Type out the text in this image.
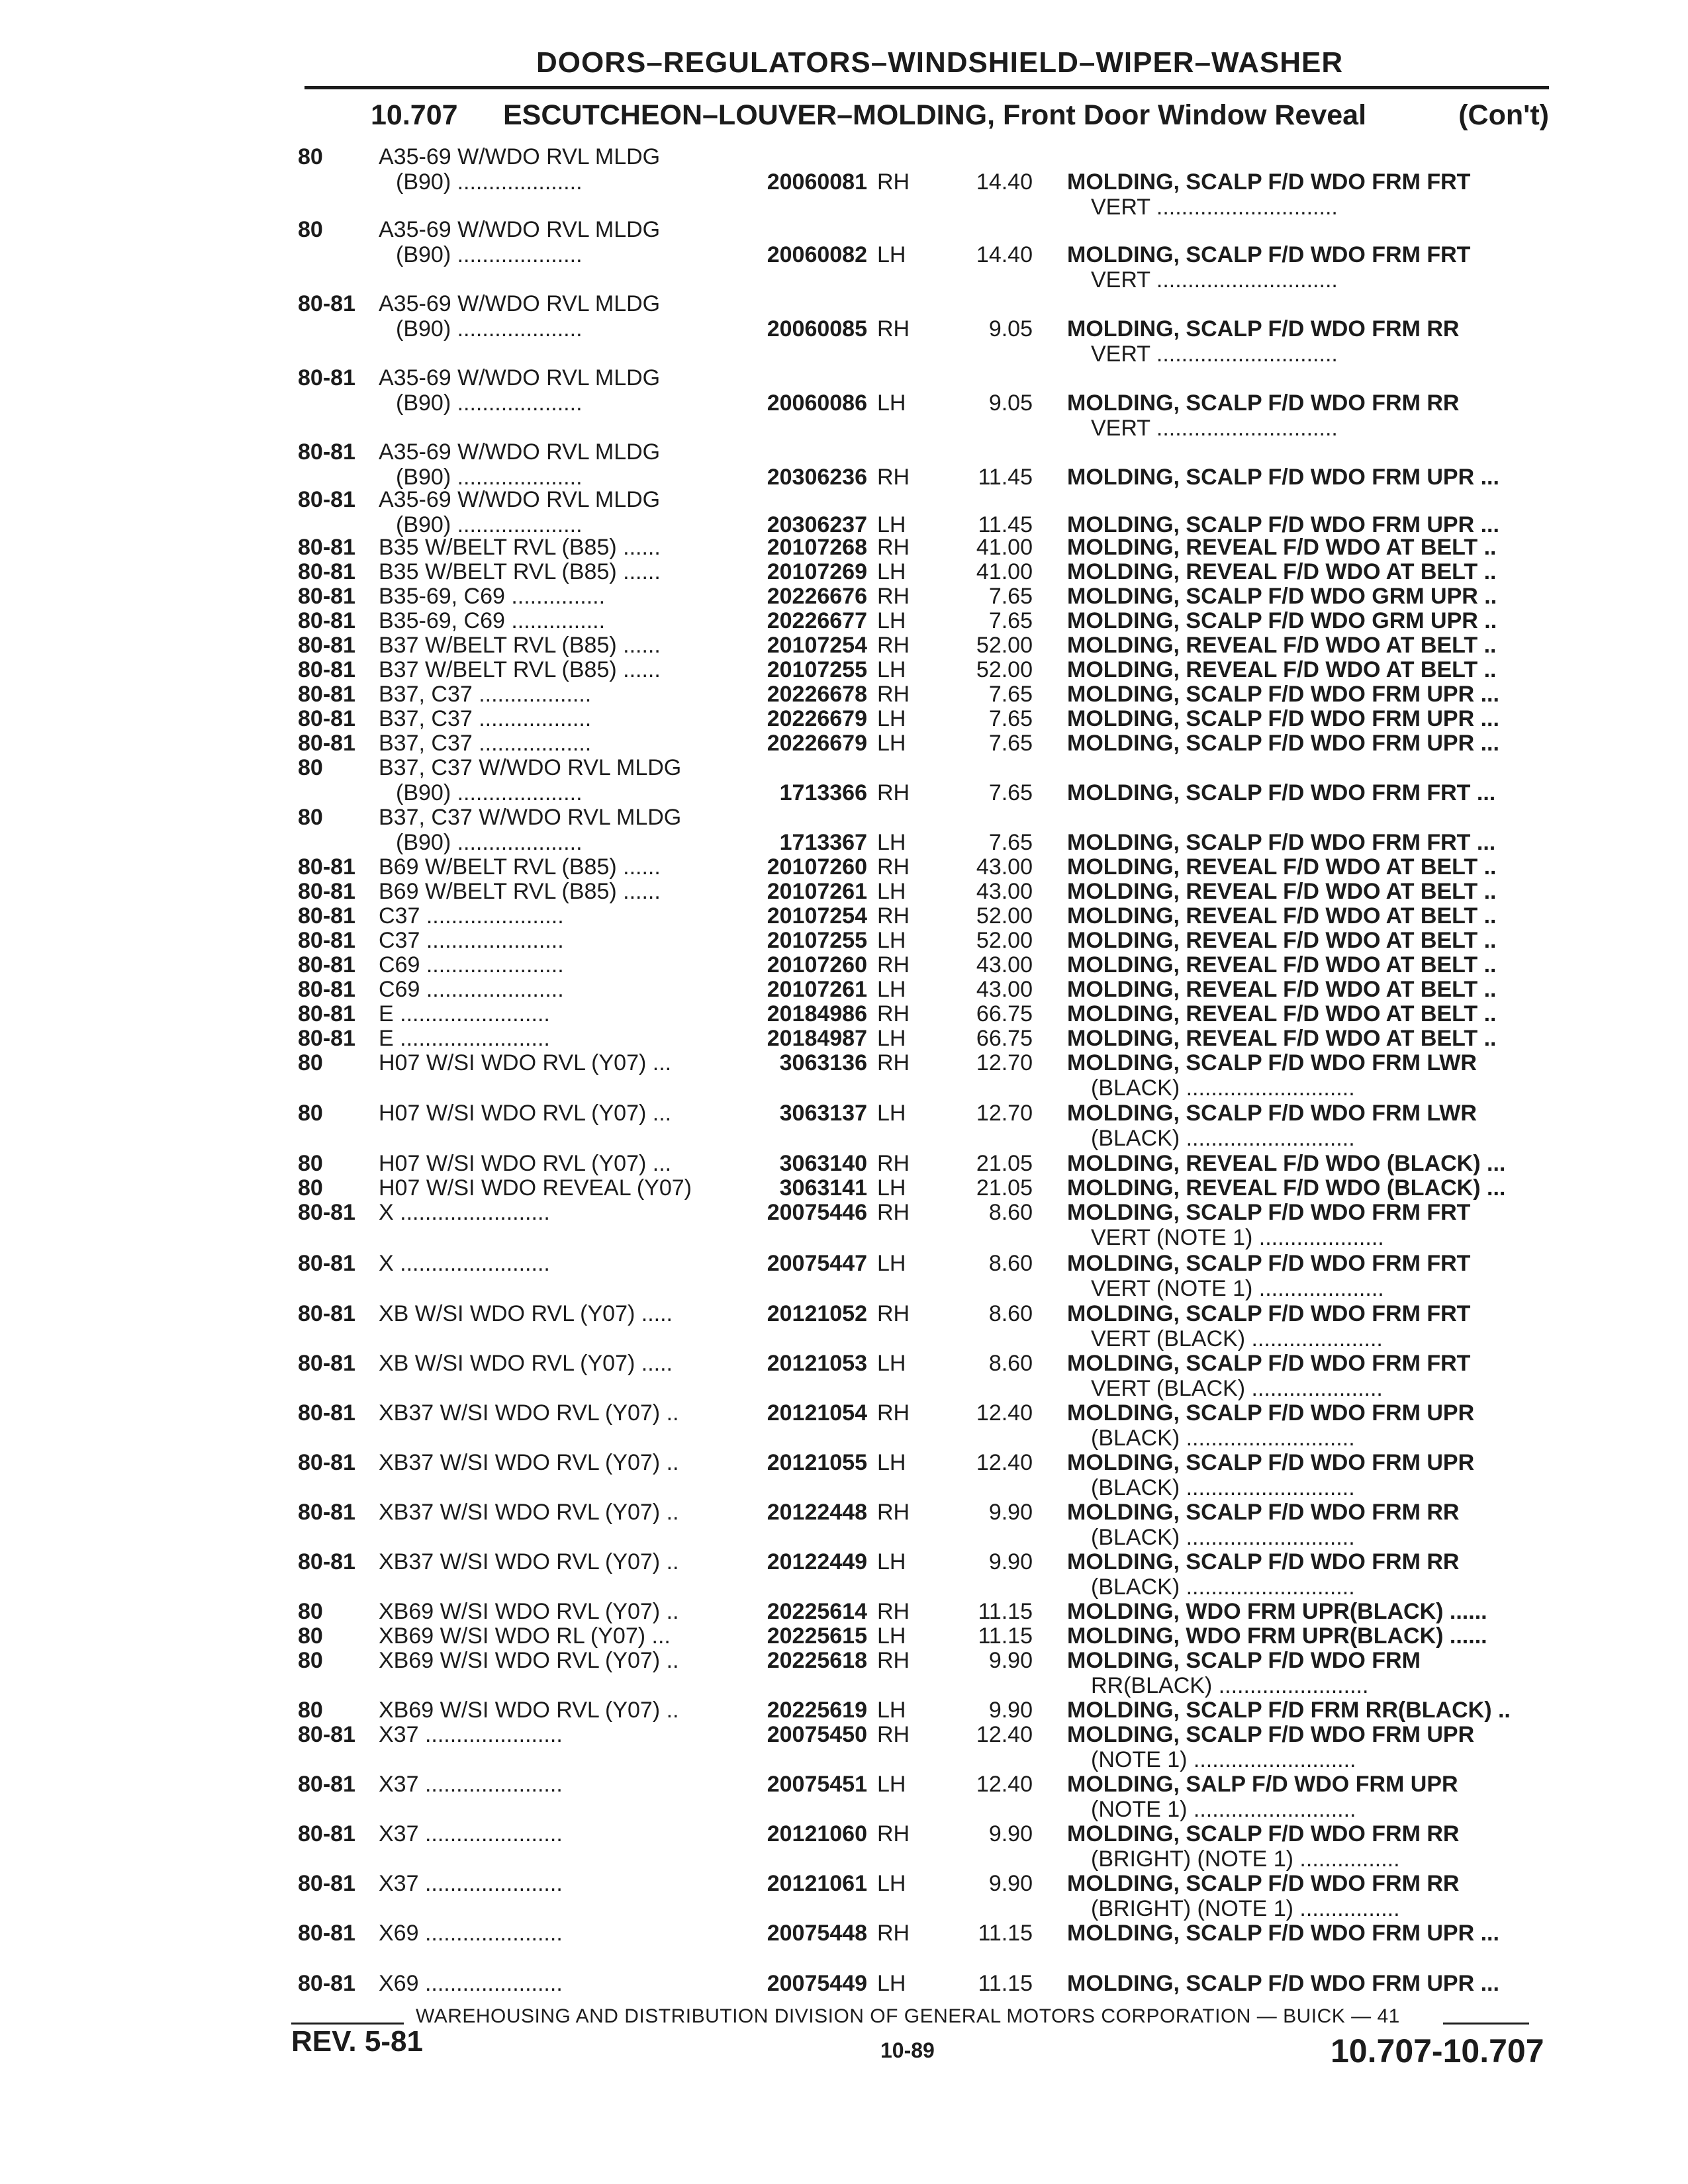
DOORS–REGULATORS–WINDSHIELD–WIPER–WASHER
10.707 ESCUTCHEON–LOUVER–MOLDING, Front Door Window Reveal	(Con't)
80 A35-69 W/WDO RVL MLDG
(B90) ....................	20060081 RH	14.40 MOLDING, SCALP F/D WDO FRM FRT
VERT .............................
80 A35-69 W/WDO RVL MLDG
(B90) ....................	20060082 LH	14.40 MOLDING, SCALP F/D WDO FRM FRT
VERT .............................
80-81 A35-69 W/WDO RVL MLDG
(B90) ....................	20060085 RH	9.05 MOLDING, SCALP F/D WDO FRM RR
VERT .............................
80-81 A35-69 W/WDO RVL MLDG
(B90) ....................	20060086 LH	9.05 MOLDING, SCALP F/D WDO FRM RR
VERT .............................
80-81 A35-69 W/WDO RVL MLDG
(B90) ....................	20306236 RH	11.45 MOLDING, SCALP F/D WDO FRM UPR ...
80-81 A35-69 W/WDO RVL MLDG
(B90) ....................	20306237 LH	11.45 MOLDING, SCALP F/D WDO FRM UPR ...
80-81 B35 W/BELT RVL (B85) ......	20107268 RH	41.00 MOLDING, REVEAL F/D WDO AT BELT ..
80-81 B35 W/BELT RVL (B85) ......	20107269 LH	41.00 MOLDING, REVEAL F/D WDO AT BELT ..
80-81 B35-69, C69 ...............	20226676 RH	7.65 MOLDING, SCALP F/D WDO GRM UPR ..
80-81 B35-69, C69 ...............	20226677 LH	7.65 MOLDING, SCALP F/D WDO GRM UPR ..
80-81 B37 W/BELT RVL (B85) ......	20107254 RH	52.00 MOLDING, REVEAL F/D WDO AT BELT ..
80-81 B37 W/BELT RVL (B85) ......	20107255 LH	52.00 MOLDING, REVEAL F/D WDO AT BELT ..
80-81 B37, C37 ..................	20226678 RH	7.65 MOLDING, SCALP F/D WDO FRM UPR ...
80-81 B37, C37 ..................	20226679 LH	7.65 MOLDING, SCALP F/D WDO FRM UPR ...
80-81 B37, C37 ..................	20226679 LH	7.65 MOLDING, SCALP F/D WDO FRM UPR ...
80 B37, C37 W/WDO RVL MLDG
(B90) ....................	1713366 RH	7.65 MOLDING, SCALP F/D WDO FRM FRT ...
80 B37, C37 W/WDO RVL MLDG
(B90) ....................	1713367 LH	7.65 MOLDING, SCALP F/D WDO FRM FRT ...
80-81 B69 W/BELT RVL (B85) ......	20107260 RH	43.00 MOLDING, REVEAL F/D WDO AT BELT ..
80-81 B69 W/BELT RVL (B85) ......	20107261 LH	43.00 MOLDING, REVEAL F/D WDO AT BELT ..
80-81 C37 ......................	20107254 RH	52.00 MOLDING, REVEAL F/D WDO AT BELT ..
80-81 C37 ......................	20107255 LH	52.00 MOLDING, REVEAL F/D WDO AT BELT ..
80-81 C69 ......................	20107260 RH	43.00 MOLDING, REVEAL F/D WDO AT BELT ..
80-81 C69 ......................	20107261 LH	43.00 MOLDING, REVEAL F/D WDO AT BELT ..
80-81 E ........................	20184986 RH	66.75 MOLDING, REVEAL F/D WDO AT BELT ..
80-81 E ........................	20184987 LH	66.75 MOLDING, REVEAL F/D WDO AT BELT ..
80 H07 W/SI WDO RVL (Y07) ...	3063136 RH	12.70 MOLDING, SCALP F/D WDO FRM LWR
(BLACK) ...........................
80 H07 W/SI WDO RVL (Y07) ...	3063137 LH	12.70 MOLDING, SCALP F/D WDO FRM LWR
(BLACK) ...........................
80 H07 W/SI WDO RVL (Y07) ...	3063140 RH	21.05 MOLDING, REVEAL F/D WDO (BLACK) ...
80 H07 W/SI WDO REVEAL (Y07)	3063141 LH	21.05 MOLDING, REVEAL F/D WDO (BLACK) ...
80-81 X ........................	20075446 RH	8.60 MOLDING, SCALP F/D WDO FRM FRT
VERT (NOTE 1) ....................
80-81 X ........................	20075447 LH	8.60 MOLDING, SCALP F/D WDO FRM FRT
VERT (NOTE 1) ....................
80-81 XB W/SI WDO RVL (Y07) .....	20121052 RH	8.60 MOLDING, SCALP F/D WDO FRM FRT
VERT (BLACK) .....................
80-81 XB W/SI WDO RVL (Y07) .....	20121053 LH	8.60 MOLDING, SCALP F/D WDO FRM FRT
VERT (BLACK) .....................
80-81 XB37 W/SI WDO RVL (Y07) ..	20121054 RH	12.40 MOLDING, SCALP F/D WDO FRM UPR
(BLACK) ...........................
80-81 XB37 W/SI WDO RVL (Y07) ..	20121055 LH	12.40 MOLDING, SCALP F/D WDO FRM UPR
(BLACK) ...........................
80-81 XB37 W/SI WDO RVL (Y07) ..	20122448 RH	9.90 MOLDING, SCALP F/D WDO FRM RR
(BLACK) ...........................
80-81 XB37 W/SI WDO RVL (Y07) ..	20122449 LH	9.90 MOLDING, SCALP F/D WDO FRM RR
(BLACK) ...........................
80 XB69 W/SI WDO RVL (Y07) ..	20225614 RH	11.15 MOLDING, WDO FRM UPR(BLACK) ......
80 XB69 W/SI WDO RL (Y07) ...	20225615 LH	11.15 MOLDING, WDO FRM UPR(BLACK) ......
80 XB69 W/SI WDO RVL (Y07) ..	20225618 RH	9.90 MOLDING, SCALP F/D WDO FRM
RR(BLACK) ........................
80 XB69 W/SI WDO RVL (Y07) ..	20225619 LH	9.90 MOLDING, SCALP F/D FRM RR(BLACK) ..
80-81 X37 ......................	20075450 RH	12.40 MOLDING, SCALP F/D WDO FRM UPR
(NOTE 1) ..........................
80-81 X37 ......................	20075451 LH	12.40 MOLDING, SALP F/D WDO FRM UPR
(NOTE 1) ..........................
80-81 X37 ......................	20121060 RH	9.90 MOLDING, SCALP F/D WDO FRM RR
(BRIGHT) (NOTE 1) ................
80-81 X37 ......................	20121061 LH	9.90 MOLDING, SCALP F/D WDO FRM RR
(BRIGHT) (NOTE 1) ................
80-81 X69 ......................	20075448 RH	11.15 MOLDING, SCALP F/D WDO FRM UPR ...
80-81 X69 ......................	20075449 LH	11.15 MOLDING, SCALP F/D WDO FRM UPR ...
WAREHOUSING AND DISTRIBUTION DIVISION OF GENERAL MOTORS CORPORATION — BUICK — 41
REV. 5-81	10-89	10.707-10.707
